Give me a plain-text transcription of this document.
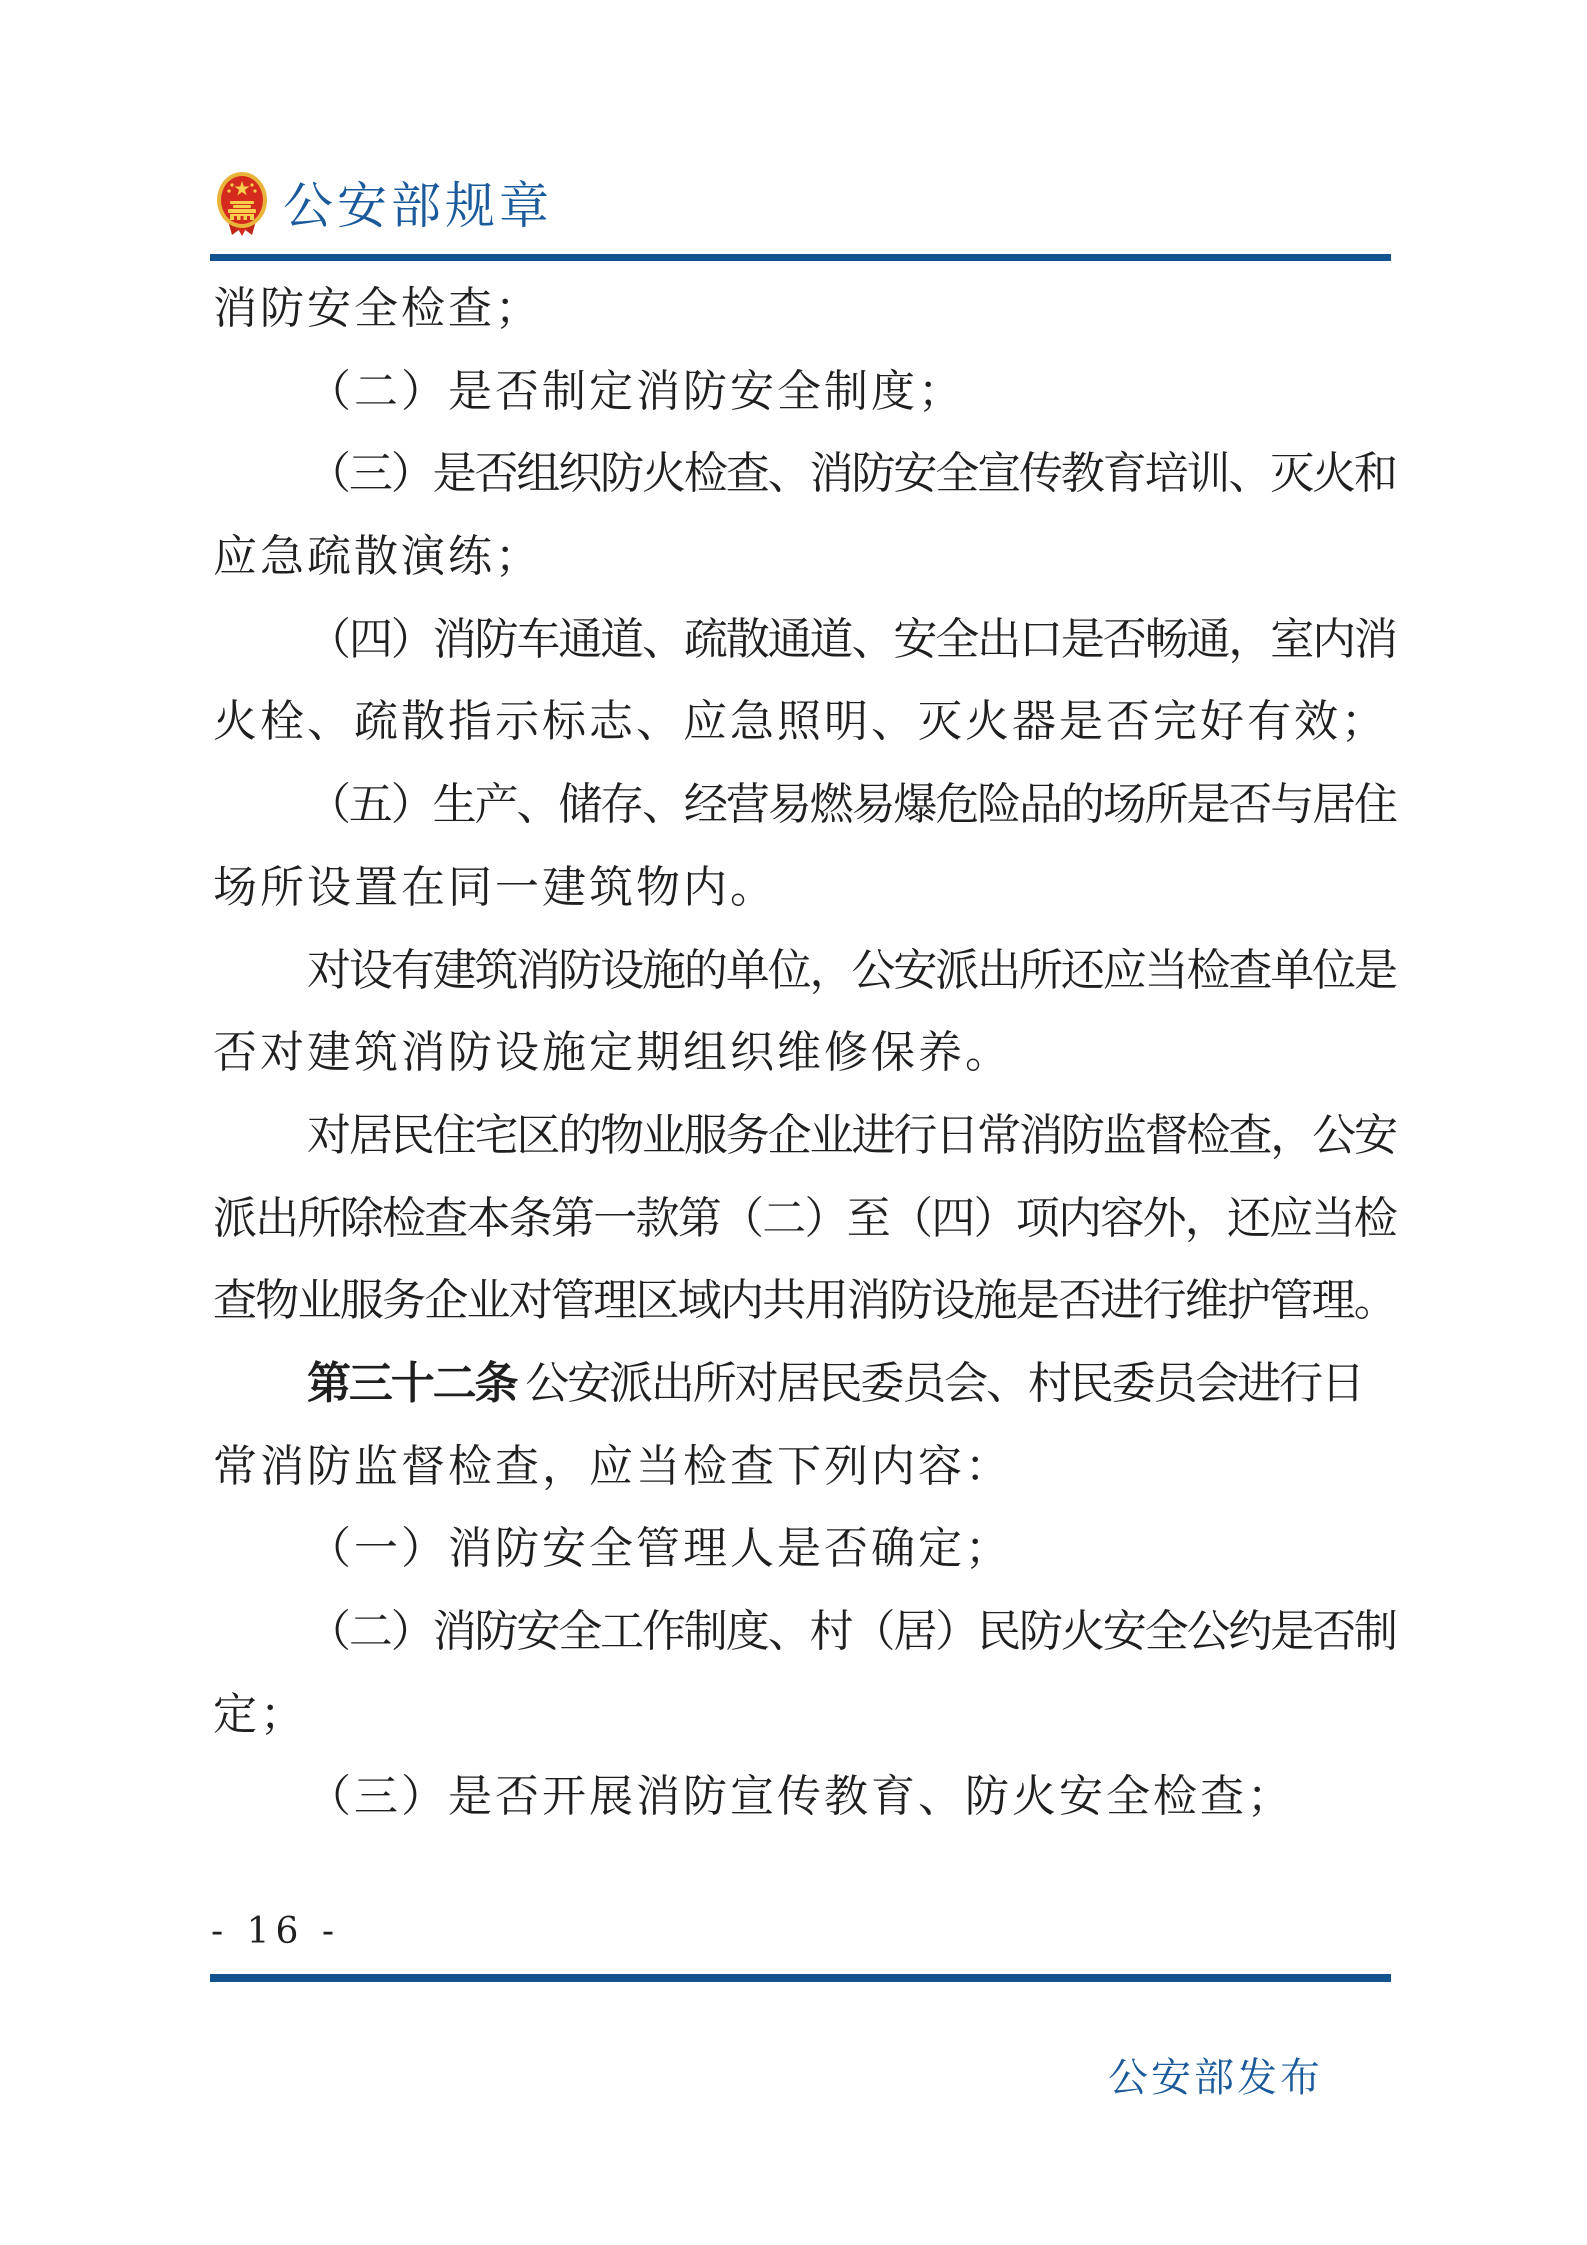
公安部规章
消防安全检查；
（二）是否制定消防安全制度；
（三）是否组织防火检查、消防安全宣传教育培训、灭火和
应急疏散演练；
（四）消防车通道、疏散通道、安全出口是否畅通，室内消
火栓、疏散指示标志、应急照明、灭火器是否完好有效；
（五）生产、储存、经营易燃易爆危险品的场所是否与居住
场所设置在同一建筑物内。
对设有建筑消防设施的单位，公安派出所还应当检查单位是
否对建筑消防设施定期组织维修保养。
对居民住宅区的物业服务企业进行日常消防监督检查，公安
派出所除检查本条第一款第（二）至（四）项内容外，还应当检
查物业服务企业对管理区域内共用消防设施是否进行维护管理。
第三十二条 公安派出所对居民委员会、村民委员会进行日
常消防监督检查，应当检查下列内容：
（一）消防安全管理人是否确定；
（二）消防安全工作制度、村（居）民防火安全公约是否制
定；
（三）是否开展消防宣传教育、防火安全检查；
- 16 -
公安部发布
